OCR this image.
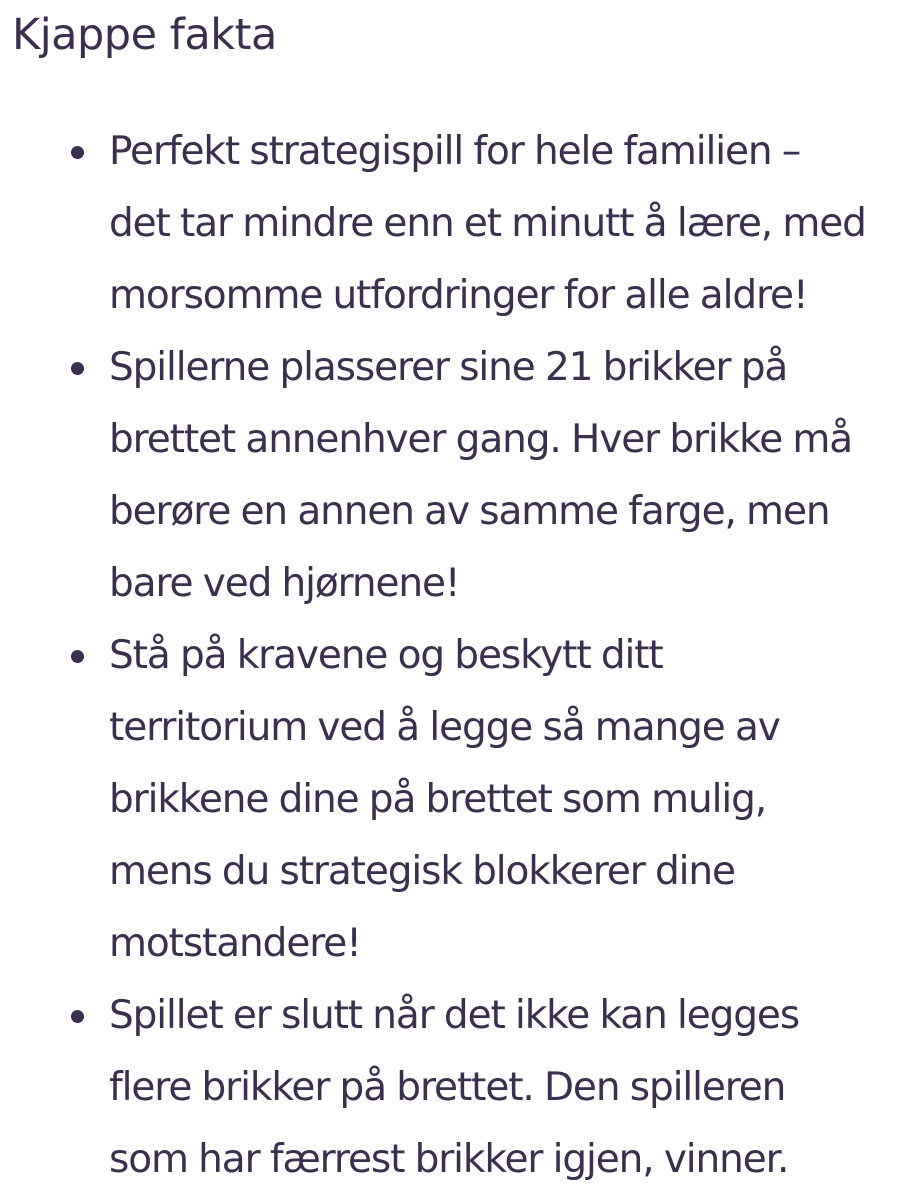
Kjappe fakta
Perfekt strategispill for hele familien –
det tar mindre enn et minutt å lære, med
morsomme utfordringer for alle aldre!
Spillerne plasserer sine 21 brikker på
brettet annenhver gang. Hver brikke må
berøre en annen av samme farge, men
bare ved hjørnene!
Stå på kravene og beskytt ditt
territorium ved å legge så mange av
brikkene dine på brettet som mulig,
mens du strategisk blokkerer dine
motstandere!
Spillet er slutt når det ikke kan legges
flere brikker på brettet. Den spilleren
som har færrest brikker igjen, vinner.
